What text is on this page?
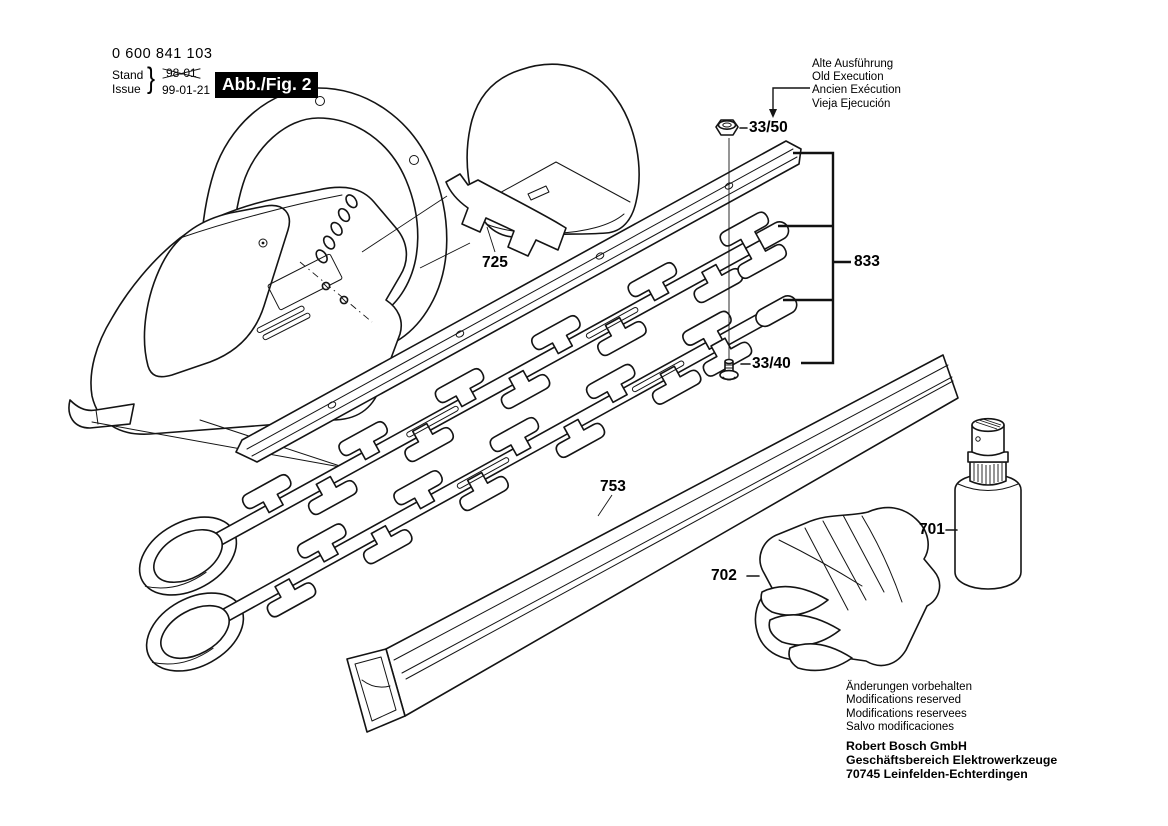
0 600 841 103
Stand
Issue } 98-01
99-01-21 Abb./Fig. 2
Alte Ausführung
Old Execution
Ancien Exécution
Vieja Ejecución
33/50
833
33/40
725
753
701
702
Änderungen vorbehalten
Modifications reserved
Modifications reservees
Salvo modificaciones
Robert Bosch GmbH
Geschäftsbereich Elektrowerkzeuge
70745 Leinfelden-Echterdingen
